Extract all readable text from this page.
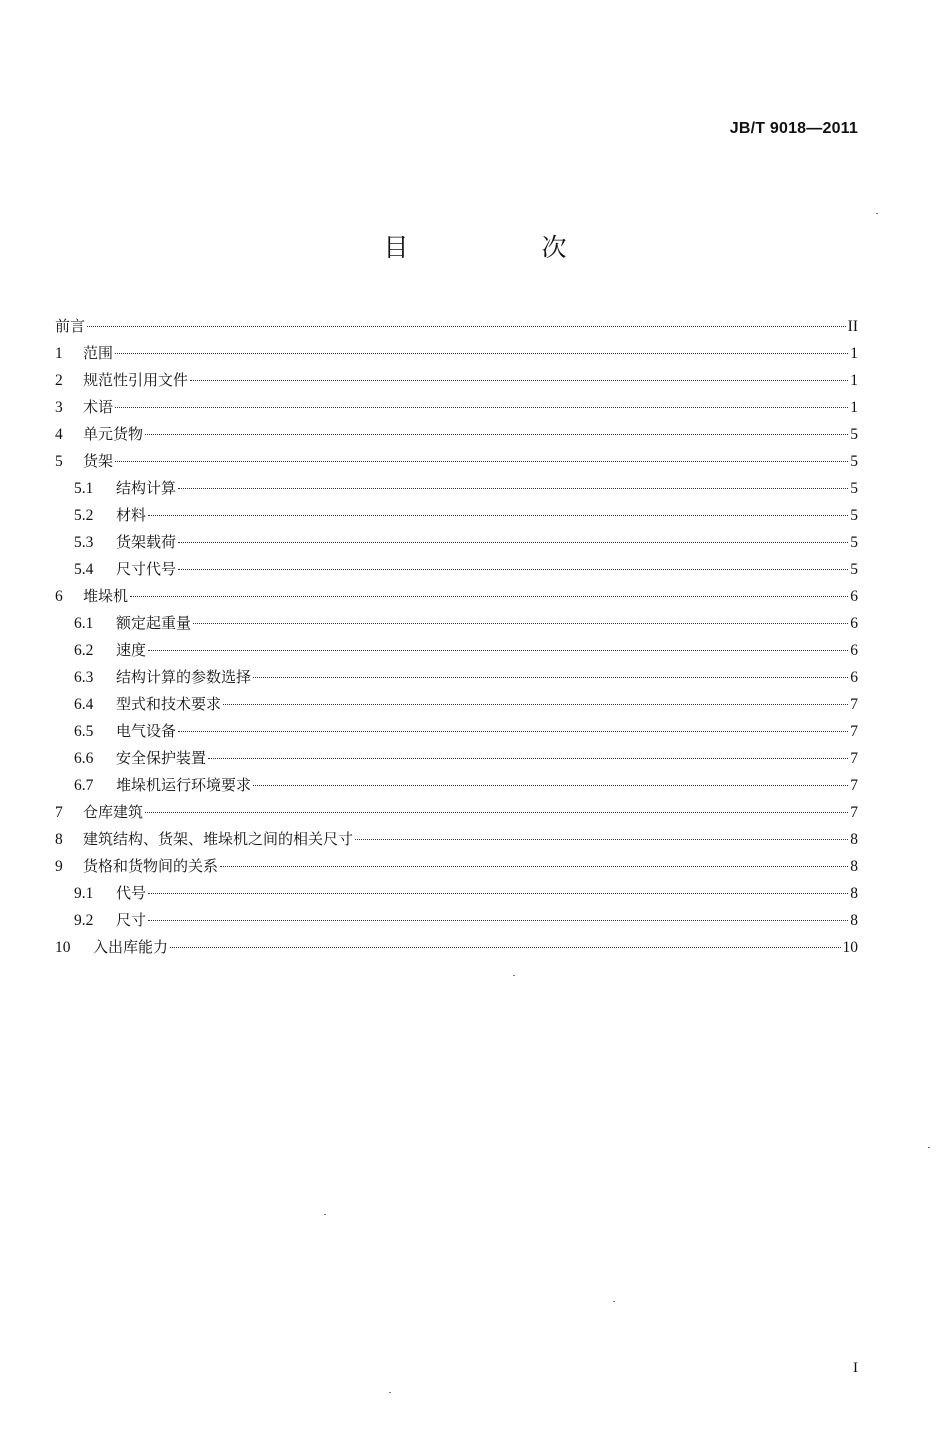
JB/T 9018—2011
目　次
前言	II
1	范围	1
2	规范性引用文件	1
3	术语	1
4	单元货物	5
5	货架	5
5.1	结构计算	5
5.2	材料	5
5.3	货架载荷	5
5.4	尺寸代号	5
6	堆垛机	6
6.1	额定起重量	6
6.2	速度	6
6.3	结构计算的参数选择	6
6.4	型式和技术要求	7
6.5	电气设备	7
6.6	安全保护装置	7
6.7	堆垛机运行环境要求	7
7	仓库建筑	7
8	建筑结构、货架、堆垛机之间的相关尺寸	8
9	货格和货物间的关系	8
9.1	代号	8
9.2	尺寸	8
10	入出库能力	10
I
